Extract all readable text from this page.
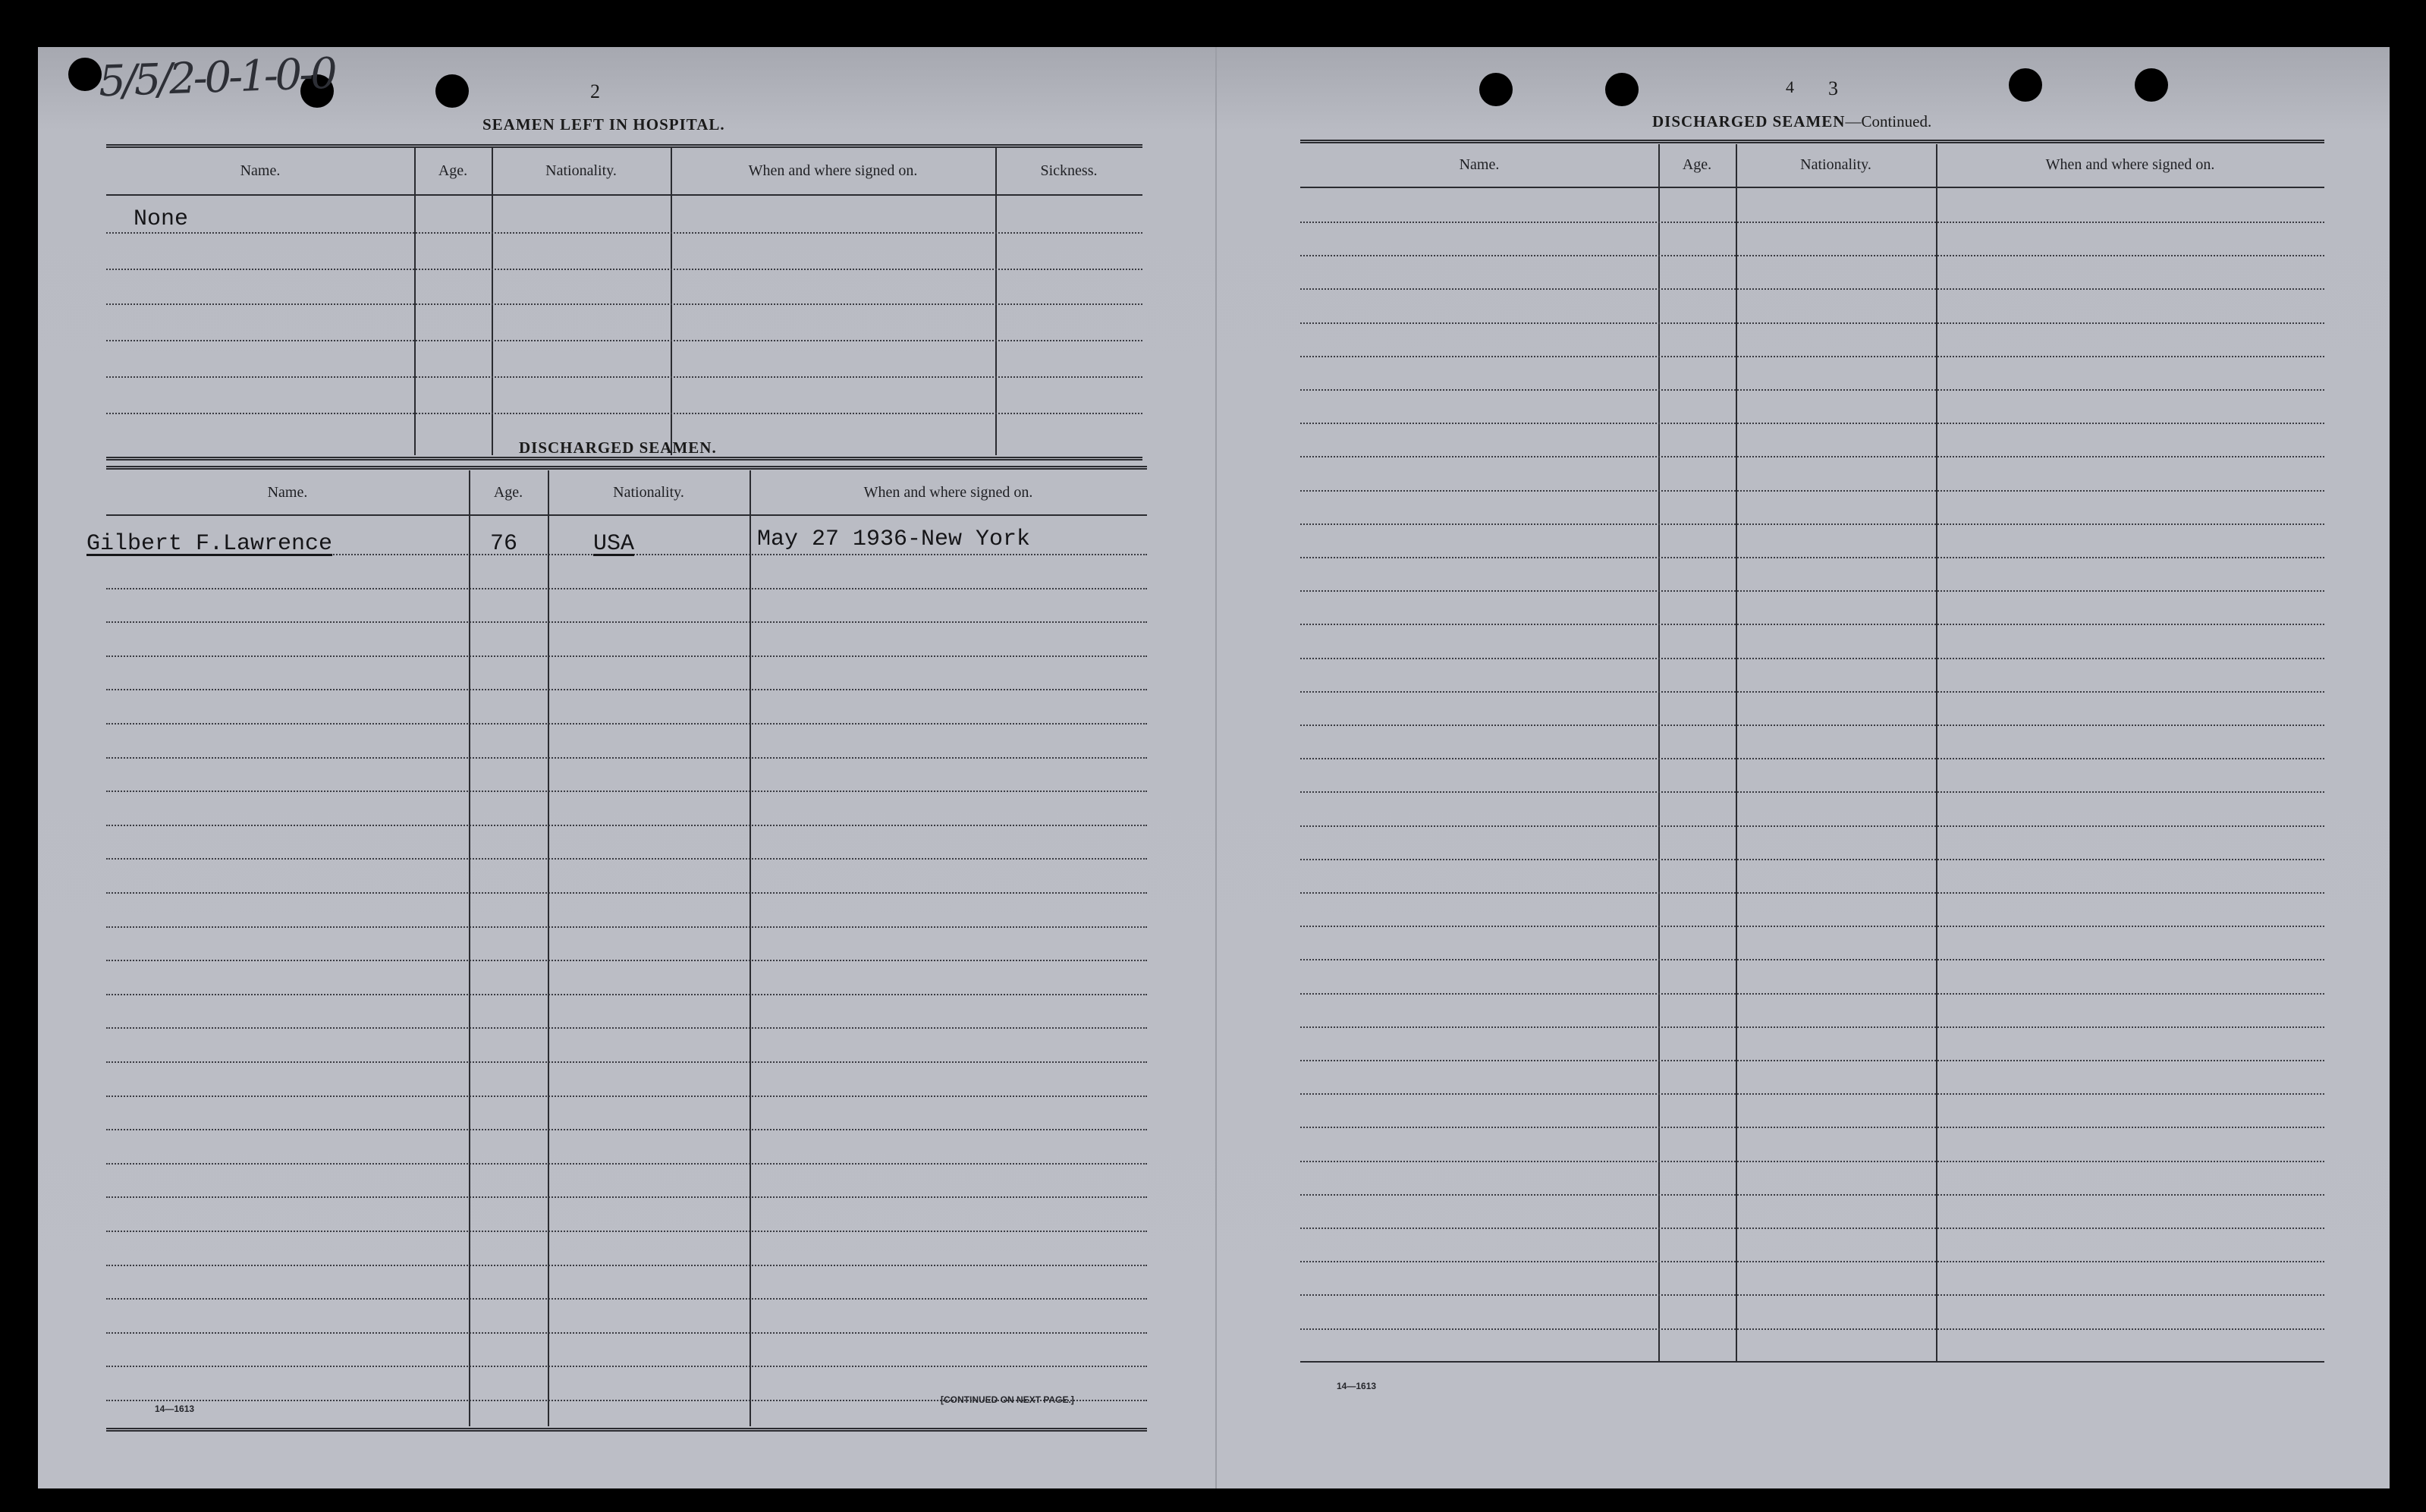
5/5/2-0-1-0-0	2
SEAMEN LEFT IN HOSPITAL.
Name.	Age.	Nationality.	When and where signed on.	Sickness.
None
DISCHARGED SEAMEN.
Name.	Age.	Nationality.	When and where signed on.
Gilbert F.Lawrence	76	USA	May 27 1936-New York
14—1613
[CONTINUED ON NEXT PAGE.]
4 3
DISCHARGED SEAMEN—Continued.
Name.	Age.	Nationality.	When and where signed on.
14—1613
